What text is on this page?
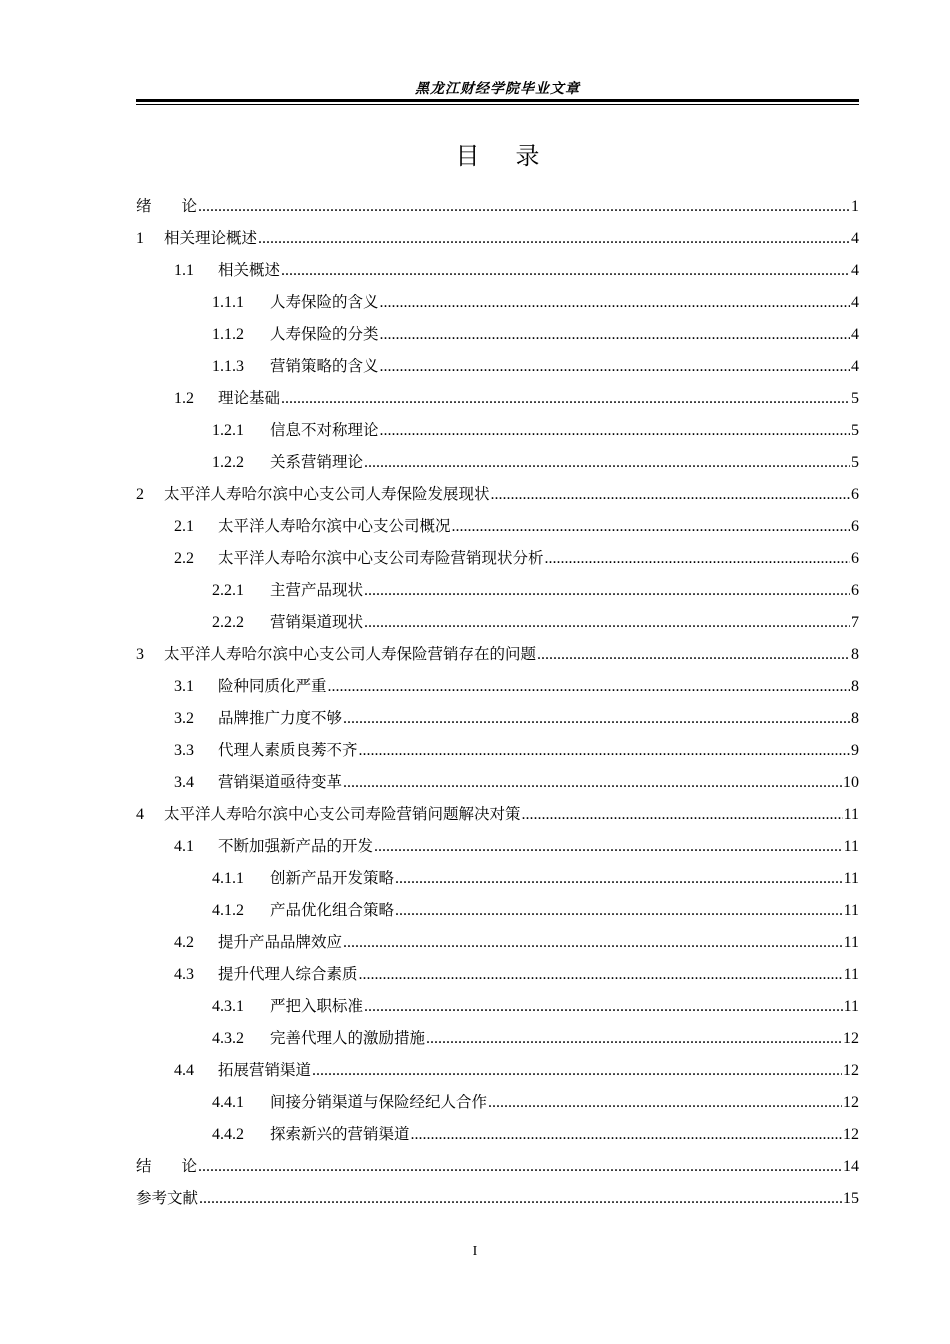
黑龙江财经学院毕业文章
目录
绪论 .....	1
1	相关理论概述 .....	4
1.1	相关概述 .....	4
1.1.1	人寿保险的含义 .....	4
1.1.2	人寿保险的分类 .....	4
1.1.3	营销策略的含义 .....	4
1.2	理论基础 .....	5
1.2.1	信息不对称理论 .....	5
1.2.2	关系营销理论 .....	5
2	太平洋人寿哈尔滨中心支公司人寿保险发展现状 .....	6
2.1	太平洋人寿哈尔滨中心支公司概况 .....	6
2.2	太平洋人寿哈尔滨中心支公司寿险营销现状分析 .....	6
2.2.1	主营产品现状 .....	6
2.2.2	营销渠道现状 .....	7
3	太平洋人寿哈尔滨中心支公司人寿保险营销存在的问题 .....	8
3.1	险种同质化严重 .....	8
3.2	品牌推广力度不够 .....	8
3.3	代理人素质良莠不齐 .....	9
3.4	营销渠道亟待变革 .....	10
4	太平洋人寿哈尔滨中心支公司寿险营销问题解决对策 .....	11
4.1	不断加强新产品的开发 .....	11
4.1.1	创新产品开发策略 .....	11
4.1.2	产品优化组合策略 .....	11
4.2	提升产品品牌效应 .....	11
4.3	提升代理人综合素质 .....	11
4.3.1	严把入职标准 .....	11
4.3.2	完善代理人的激励措施 .....	12
4.4	拓展营销渠道 .....	12
4.4.1	间接分销渠道与保险经纪人合作 .....	12
4.4.2	探索新兴的营销渠道 .....	12
结论 .....	14
参考文献 .....	15
I
